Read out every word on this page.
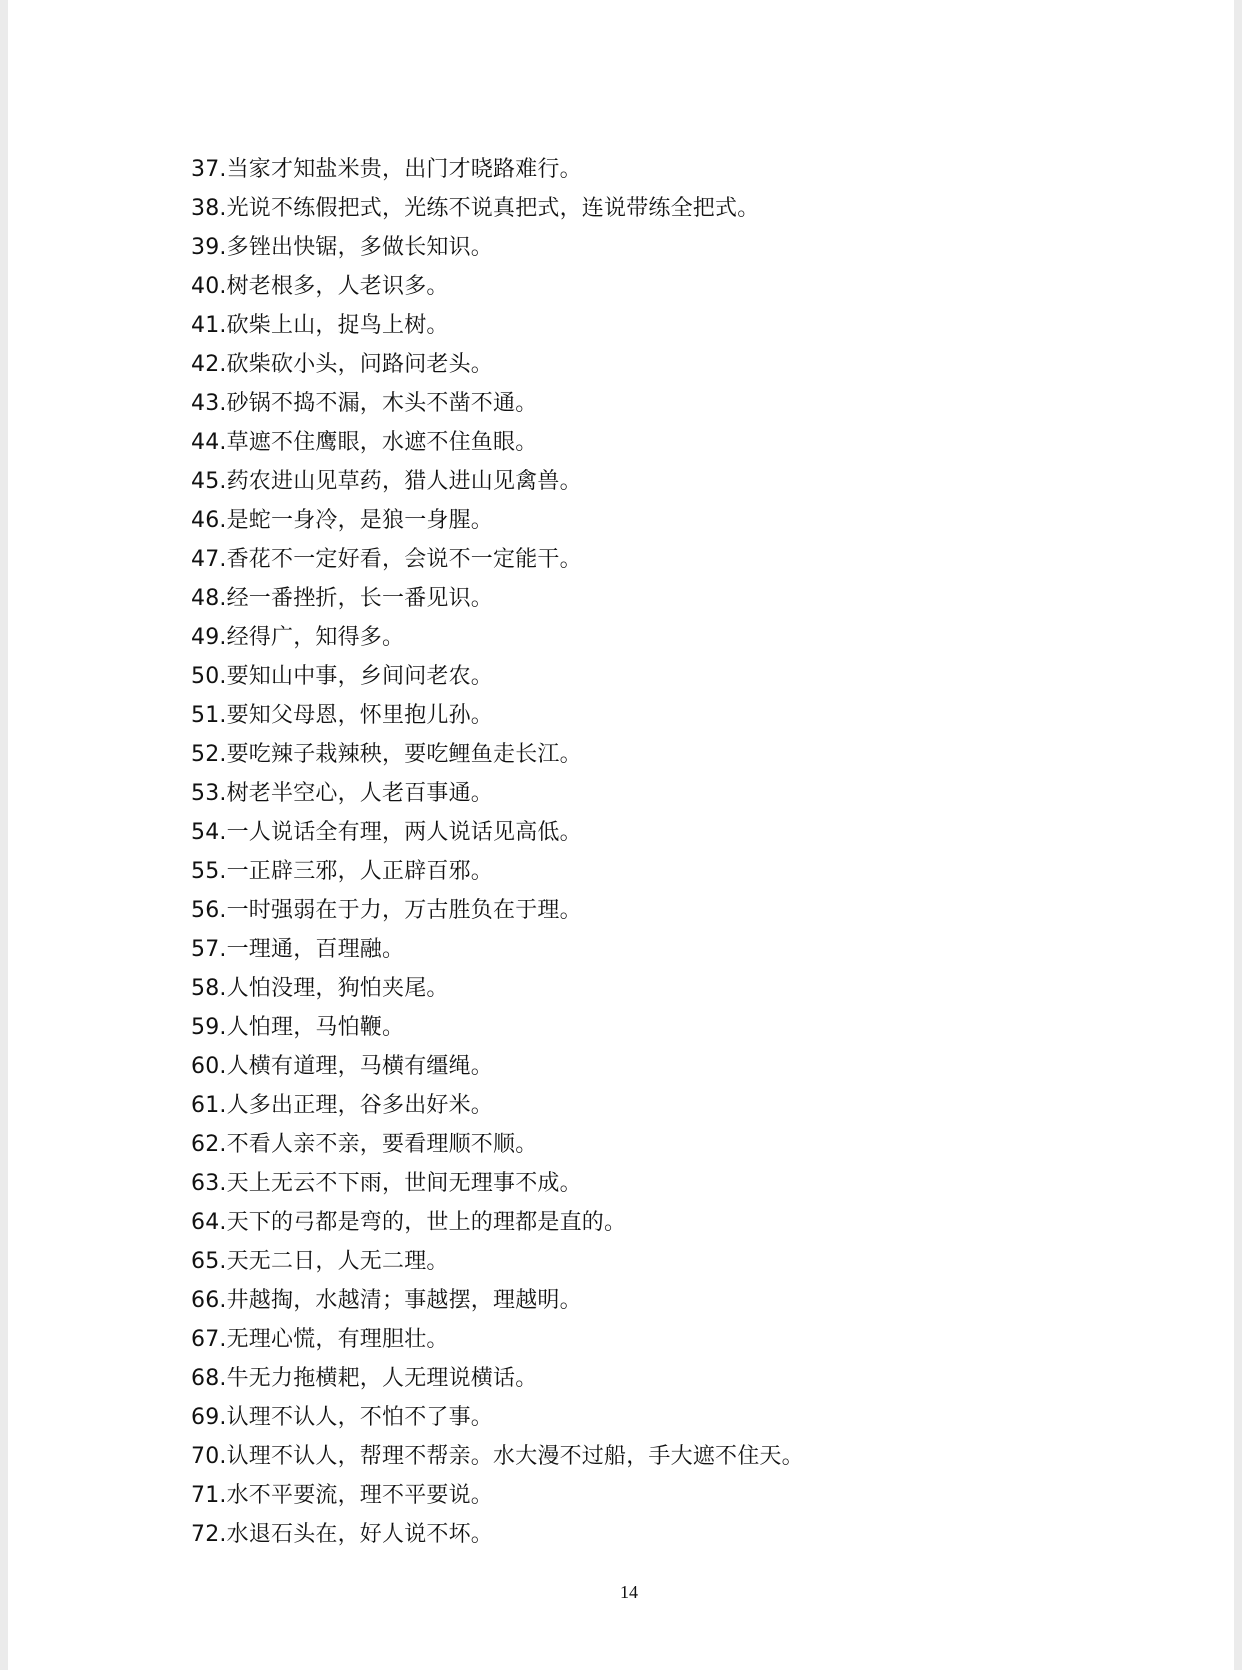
37.当家才知盐米贵，出门才晓路难行。
38.光说不练假把式，光练不说真把式，连说带练全把式。
39.多锉出快锯，多做长知识。
40.树老根多，人老识多。
41.砍柴上山，捉鸟上树。
42.砍柴砍小头，问路问老头。
43.砂锅不捣不漏，木头不凿不通。
44.草遮不住鹰眼，水遮不住鱼眼。
45.药农进山见草药，猎人进山见禽兽。
46.是蛇一身冷，是狼一身腥。
47.香花不一定好看，会说不一定能干。
48.经一番挫折，长一番见识。
49.经得广，知得多。
50.要知山中事，乡间问老农。
51.要知父母恩，怀里抱儿孙。
52.要吃辣子栽辣秧，要吃鲤鱼走长江。
53.树老半空心，人老百事通。
54.一人说话全有理，两人说话见高低。
55.一正辟三邪，人正辟百邪。
56.一时强弱在于力，万古胜负在于理。
57.一理通，百理融。
58.人怕没理，狗怕夹尾。
59.人怕理，马怕鞭。
60.人横有道理，马横有缰绳。
61.人多出正理，谷多出好米。
62.不看人亲不亲，要看理顺不顺。
63.天上无云不下雨，世间无理事不成。
64.天下的弓都是弯的，世上的理都是直的。
65.天无二日，人无二理。
66.井越掏，水越清；事越摆，理越明。
67.无理心慌，有理胆壮。
68.牛无力拖横耙，人无理说横话。
69.认理不认人，不怕不了事。
70.认理不认人，帮理不帮亲。水大漫不过船，手大遮不住天。
71.水不平要流，理不平要说。
72.水退石头在，好人说不坏。
14
